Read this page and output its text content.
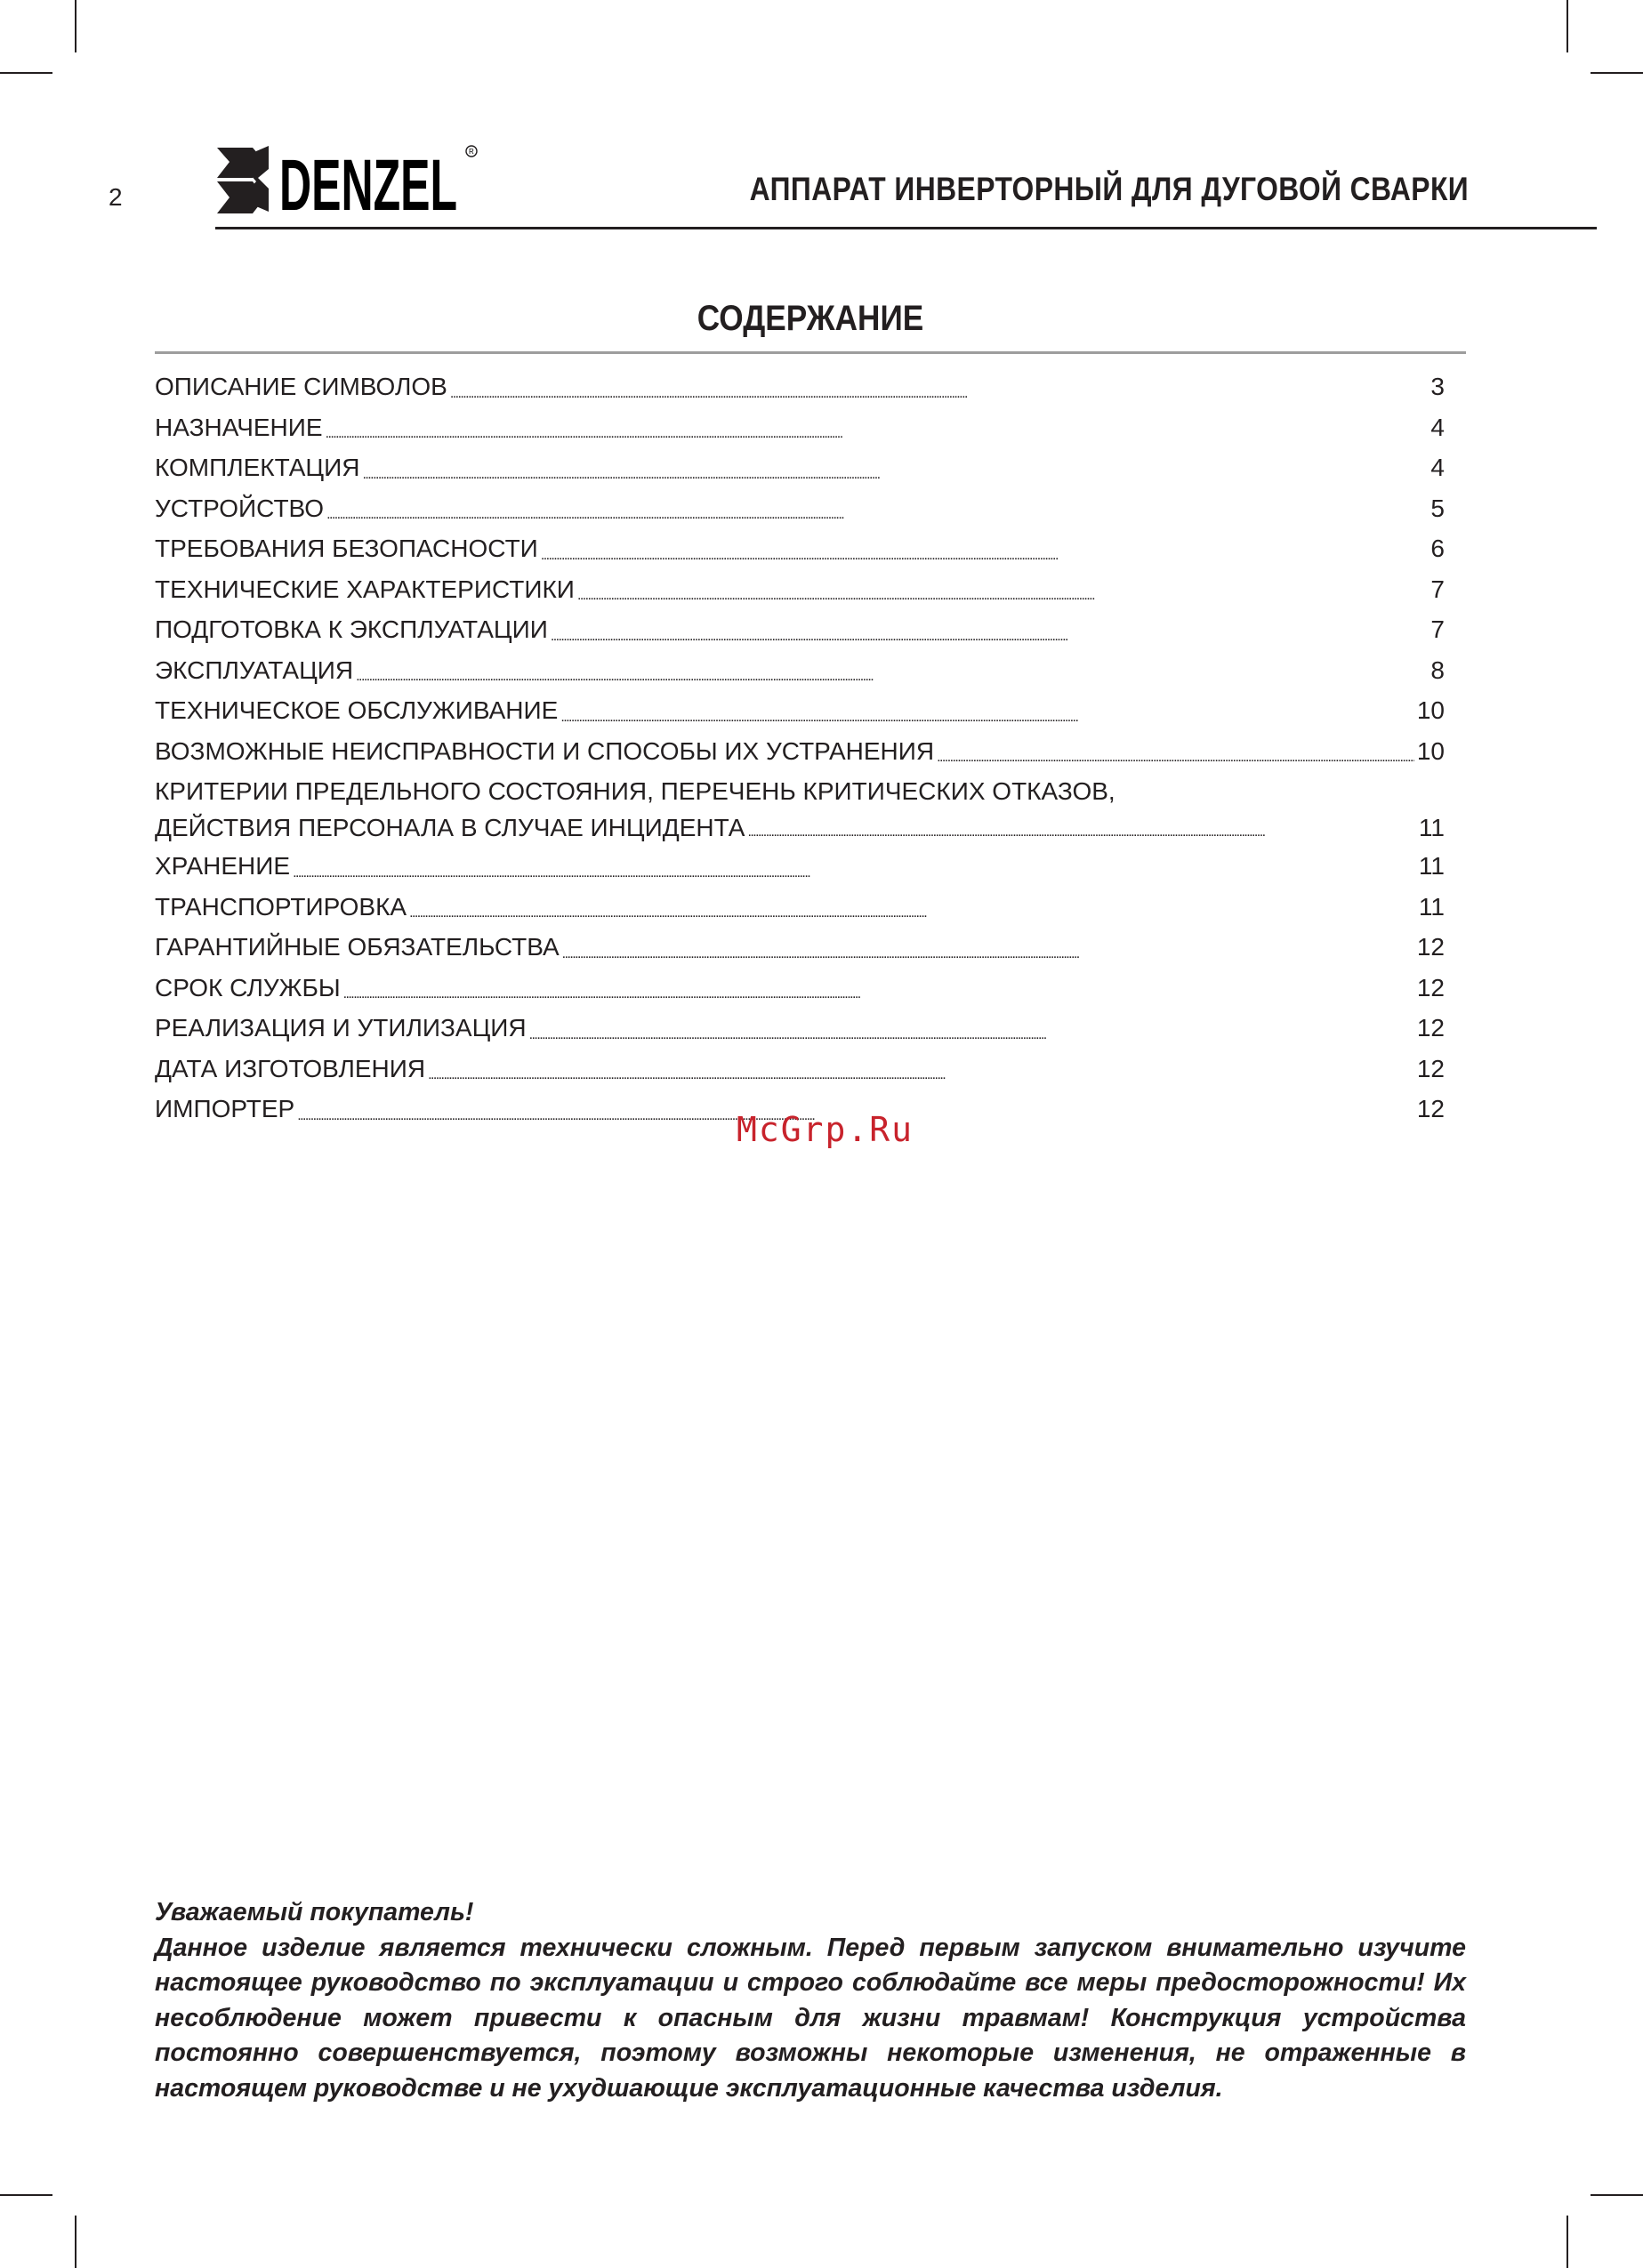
2 DENZEL R
АППАРАТ ИНВЕРТОРНЫЙ ДЛЯ ДУГОВОЙ СВАРКИ
СОДЕРЖАНИЕ
ОПИСАНИЕ СИМВОЛОВ . . .	3
НАЗНАЧЕНИЕ . . .	4
КОМПЛЕКТАЦИЯ . . .	4
УСТРОЙСТВО . . .	5
ТРЕБОВАНИЯ БЕЗОПАСНОСТИ . . .	6
ТЕХНИЧЕСКИЕ ХАРАКТЕРИСТИКИ . . .	7
ПОДГОТОВКА К ЭКСПЛУАТАЦИИ . . .	7
ЭКСПЛУАТАЦИЯ . . .	8
ТЕХНИЧЕСКОЕ ОБСЛУЖИВАНИЕ . . .	10
ВОЗМОЖНЫЕ НЕИСПРАВНОСТИ И СПОСОБЫ ИХ УСТРАНЕНИЯ . . .	10
КРИТЕРИИ ПРЕДЕЛЬНОГО СОСТОЯНИЯ, ПЕРЕЧЕНЬ КРИТИЧЕСКИХ ОТКАЗОВ,
ДЕЙСТВИЯ ПЕРСОНАЛА В СЛУЧАЕ ИНЦИДЕНТА . . .	11
ХРАНЕНИЕ . . .	11
ТРАНСПОРТИРОВКА . . .	11
ГАРАНТИЙНЫЕ ОБЯЗАТЕЛЬСТВА . . .	12
СРОК СЛУЖБЫ . . .	12
РЕАЛИЗАЦИЯ И УТИЛИЗАЦИЯ . . .	12
ДАТА ИЗГОТОВЛЕНИЯ . . .	12
ИМПОРТЕР . . .	12
McGrp.Ru

Уважаемый покупатель!

Данное изделие является технически сложным. Перед первым запуском внимательно изучите настоящее руководство по эксплуатации и строго соблюдайте все меры предосторожности! Их несоблюдение может привести к опасным для жизни травмам! Конструкция устройства постоянно совершенствуется, поэтому возможны некоторые изменения, не отраженные в настоящем руководстве и не ухудшающие эксплуатационные качества изделия.
